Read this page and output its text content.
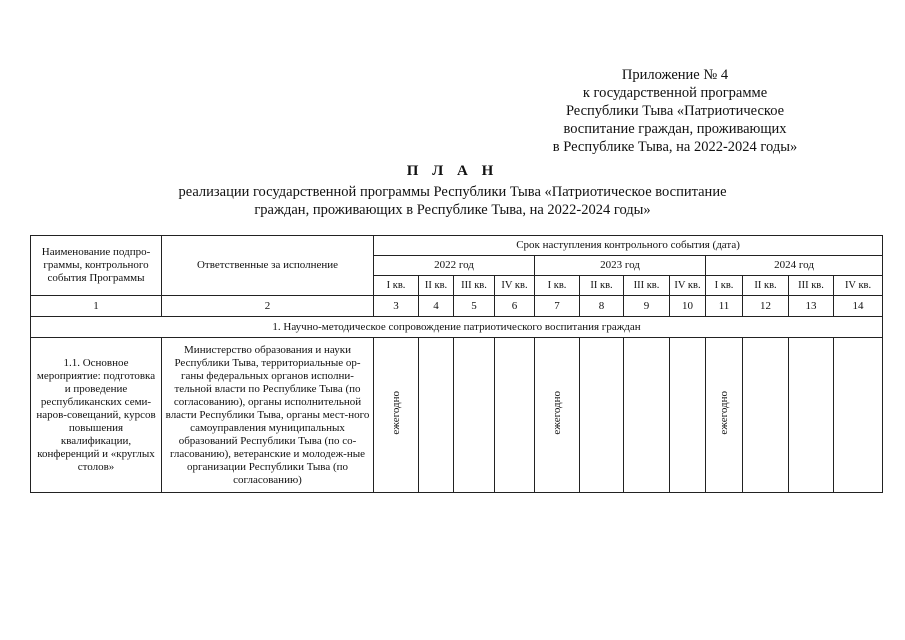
Приложение № 4
к государственной программе
Республики Тыва «Патриотическое
воспитание граждан, проживающих
в Республике Тыва, на 2022-2024 годы»
П Л А Н
реализации государственной программы Республики Тыва «Патриотическое воспитание
граждан, проживающих в Республике Тыва, на 2022-2024 годы»
Наименование подпро-граммы, контрольного события Программы	Ответственные за исполнение	Срок наступления контрольного события (дата)											
		2022 год				2023 год				2024 год			
		I кв.	II кв.	III кв.	IV кв.	I кв.	II кв.	III кв.	IV кв.	I кв.	II кв.	III кв.	IV кв.
1	2	3	4	5	6	7	8	9	10	11	12	13	14
1. Научно-методическое сопровождение патриотического воспитания граждан													
1.1. Основное мероприятие: подготовка и проведение республиканских семи-наров-совещаний, курсов повышения квалификации, конференций и «круглых столов»	Министерство образования и науки Республики Тыва, территориальные ор-ганы федеральных органов исполни-тельной власти по Республике Тыва (по согласованию), органы исполнительной власти Республики Тыва, органы мест-ного самоуправления муниципальных образований Республики Тыва (по со-гласованию), ветеранские и молодеж-ные организации Республики Тыва (по согласованию)	ежегодно				ежегодно				ежегодно			
